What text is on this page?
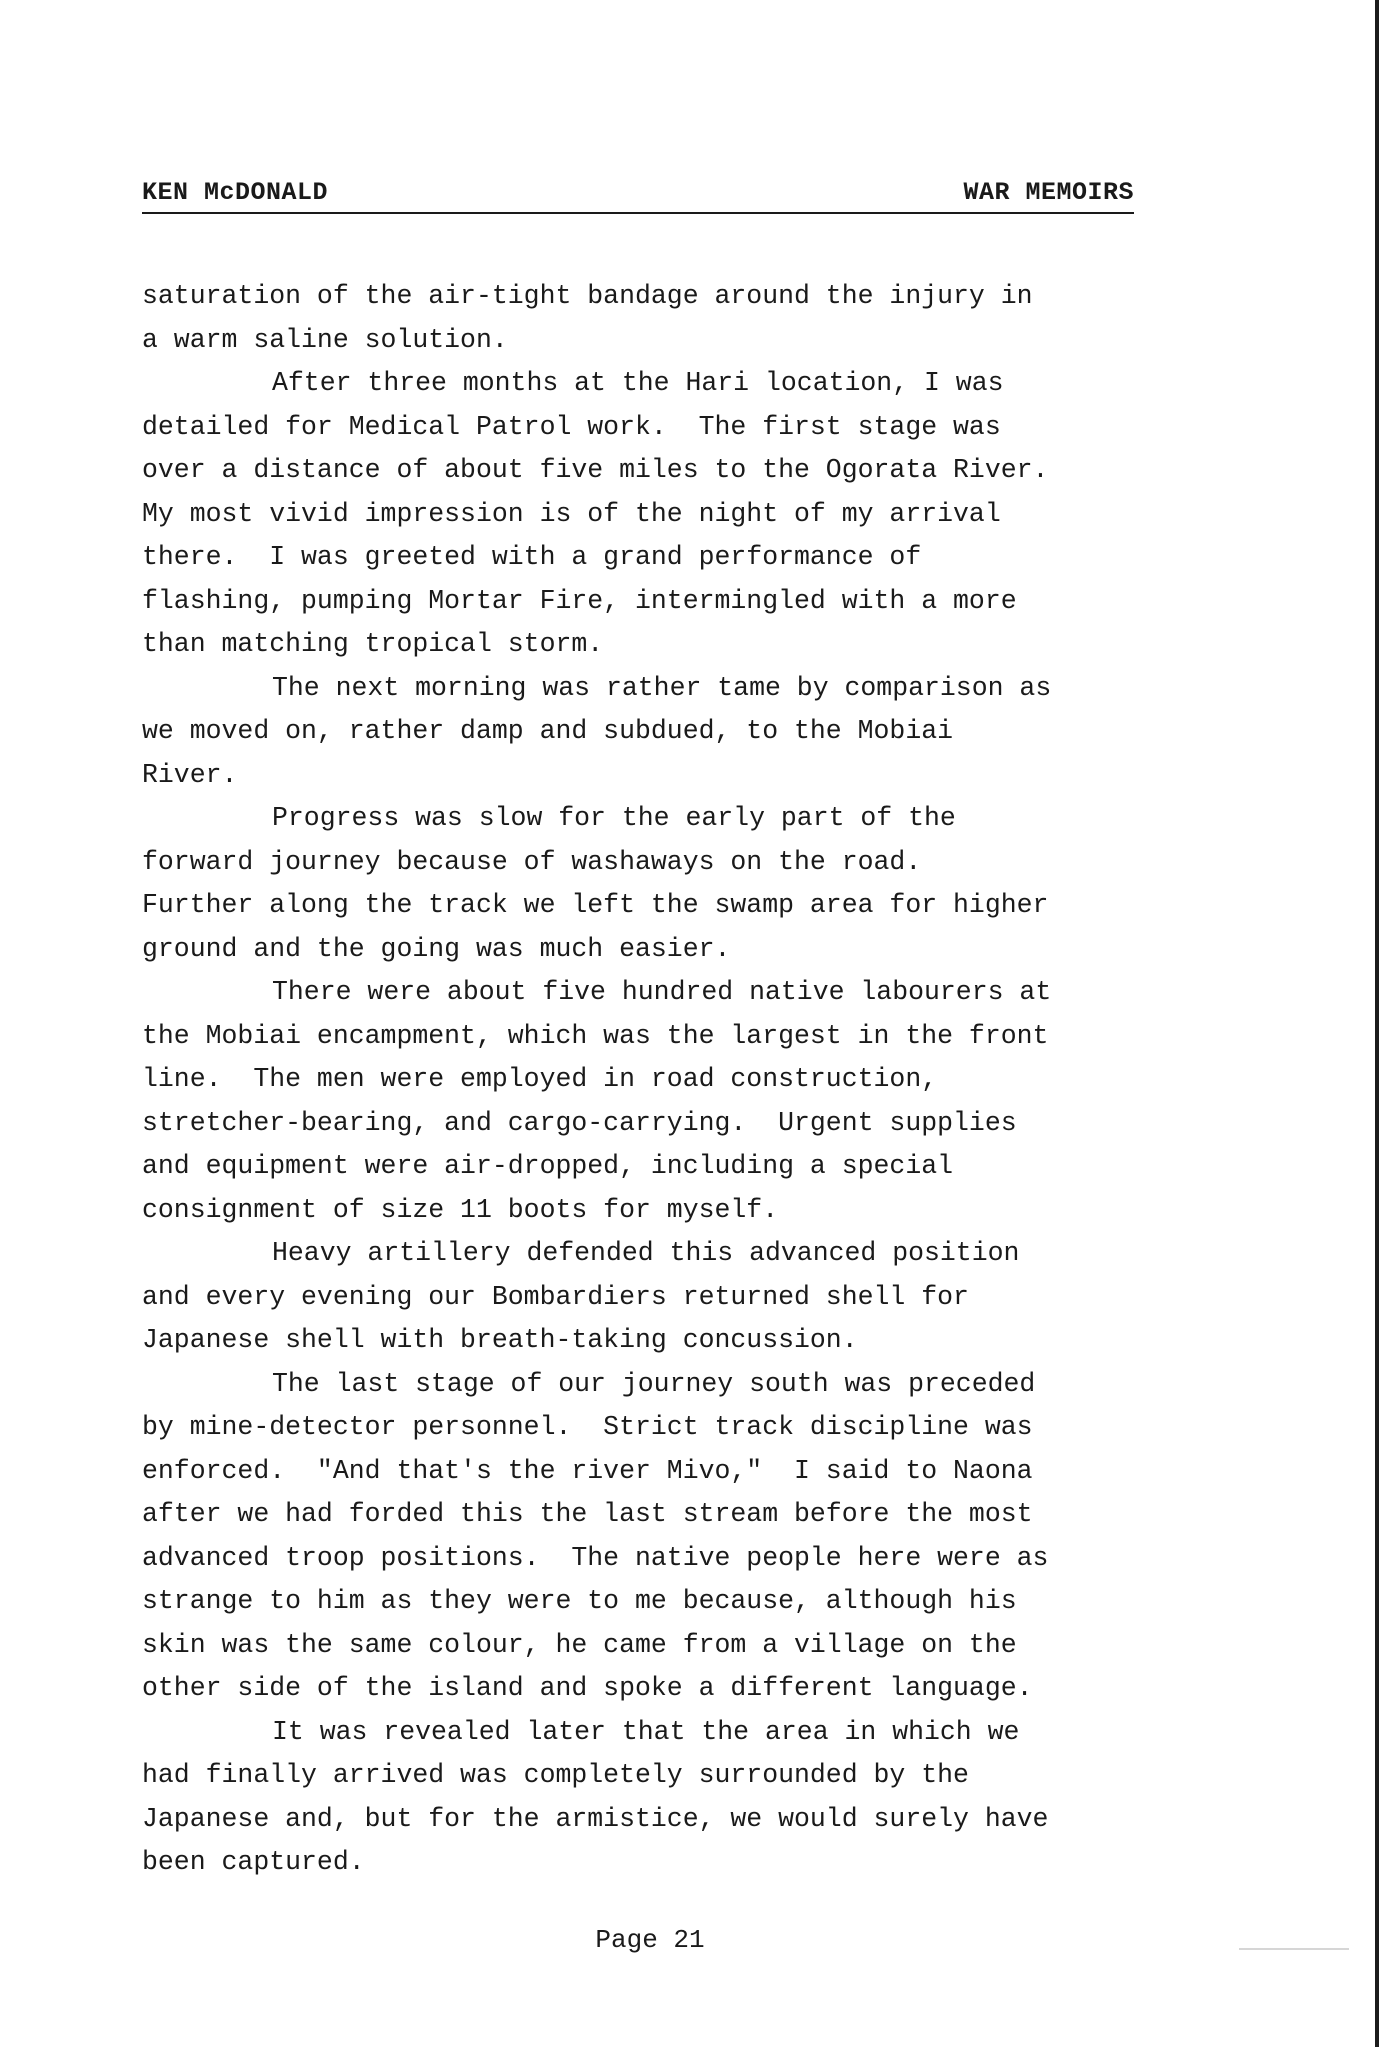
KEN McDONALD	WAR MEMOIRS
saturation of the air-tight bandage around the injury in
a warm saline solution.
After three months at the Hari location, I was
detailed for Medical Patrol work.  The first stage was
over a distance of about five miles to the Ogorata River.
My most vivid impression is of the night of my arrival
there.  I was greeted with a grand performance of
flashing, pumping Mortar Fire, intermingled with a more
than matching tropical storm.
The next morning was rather tame by comparison as
we moved on, rather damp and subdued, to the Mobiai
River.
Progress was slow for the early part of the
forward journey because of washaways on the road.
Further along the track we left the swamp area for higher
ground and the going was much easier.
There were about five hundred native labourers at
the Mobiai encampment, which was the largest in the front
line.  The men were employed in road construction,
stretcher-bearing, and cargo-carrying.  Urgent supplies
and equipment were air-dropped, including a special
consignment of size 11 boots for myself.
Heavy artillery defended this advanced position
and every evening our Bombardiers returned shell for
Japanese shell with breath-taking concussion.
The last stage of our journey south was preceded
by mine-detector personnel.  Strict track discipline was
enforced.  "And that's the river Mivo,"  I said to Naona
after we had forded this the last stream before the most
advanced troop positions.  The native people here were as
strange to him as they were to me because, although his
skin was the same colour, he came from a village on the
other side of the island and spoke a different language.
It was revealed later that the area in which we
had finally arrived was completely surrounded by the
Japanese and, but for the armistice, we would surely have
been captured.
Page 21
